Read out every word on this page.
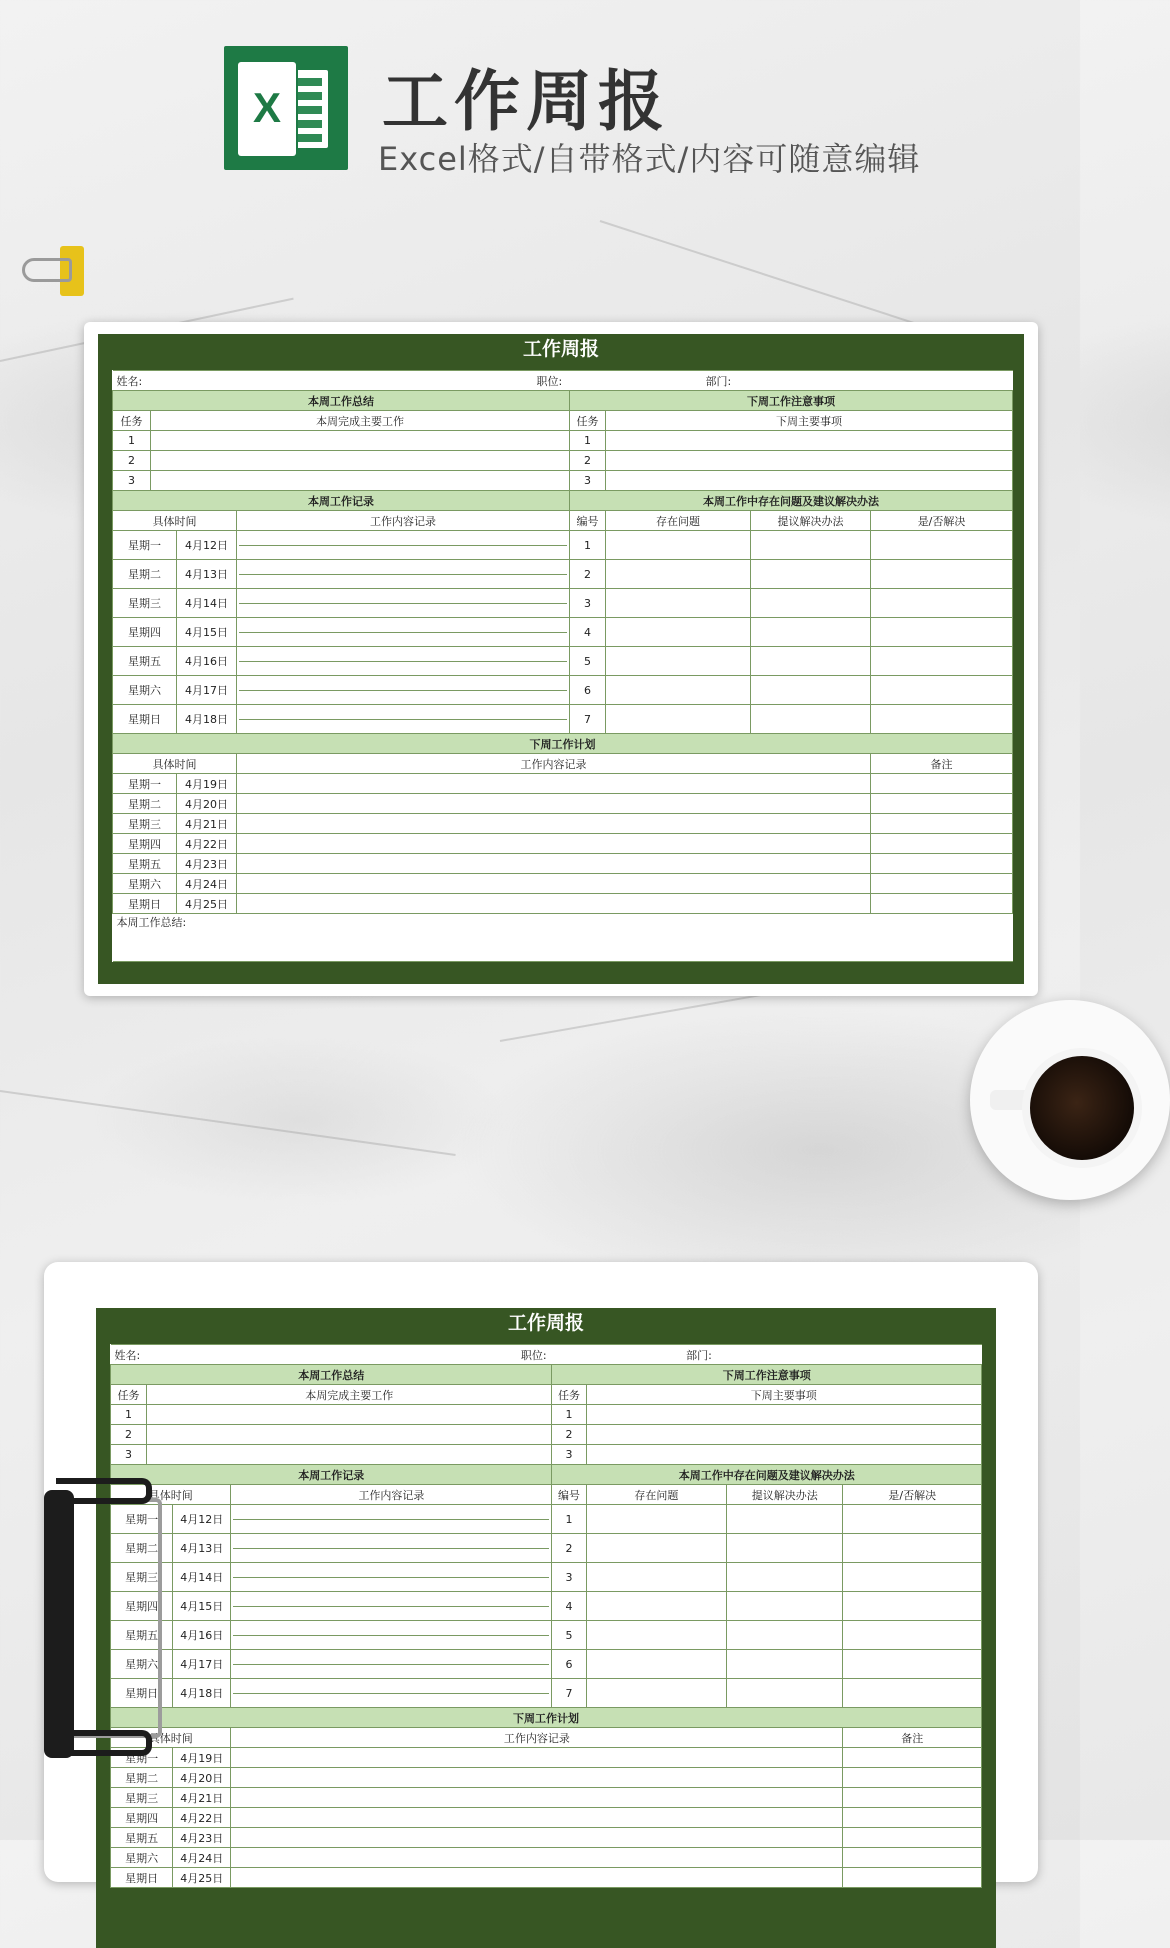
X 工作周报
Excel格式/自带格式/内容可随意编辑
工作周报
姓名:			职位:		部门:		
本周工作总结				下周工作注意事项			
任务	本周完成主要工作			任务	下周主要事项		
1				1			
2				2			
3				3			
本周工作记录				本周工作中存在问题及建议解决办法			
具体时间			工作内容记录	编号	存在问题	提议解决办法	是/否解决
星期一		4月12日		1			
星期二		4月13日		2			
星期三		4月14日		3			
星期四		4月15日		4			
星期五		4月16日		5			
星期六		4月17日		6			
星期日		4月18日		7			
下周工作计划							
具体时间			工作内容记录				备注
星期一		4月19日					
星期二		4月20日					
星期三		4月21日					
星期四		4月22日					
星期五		4月23日					
星期六		4月24日					
星期日		4月25日					
本周工作总结:							
工作周报
姓名:			职位:		部门:		
本周工作总结				下周工作注意事项			
任务	本周完成主要工作			任务	下周主要事项		
1				1			
2				2			
3				3			
本周工作记录				本周工作中存在问题及建议解决办法			
具体时间			工作内容记录	编号	存在问题	提议解决办法	是/否解决
星期一		4月12日		1			
星期二		4月13日		2			
星期三		4月14日		3			
星期四		4月15日		4			
星期五		4月16日		5			
星期六		4月17日		6			
星期日		4月18日		7			
下周工作计划							
具体时间			工作内容记录				备注
星期一		4月19日					
星期二		4月20日					
星期三		4月21日					
星期四		4月22日					
星期五		4月23日					
星期六		4月24日					
星期日		4月25日					
